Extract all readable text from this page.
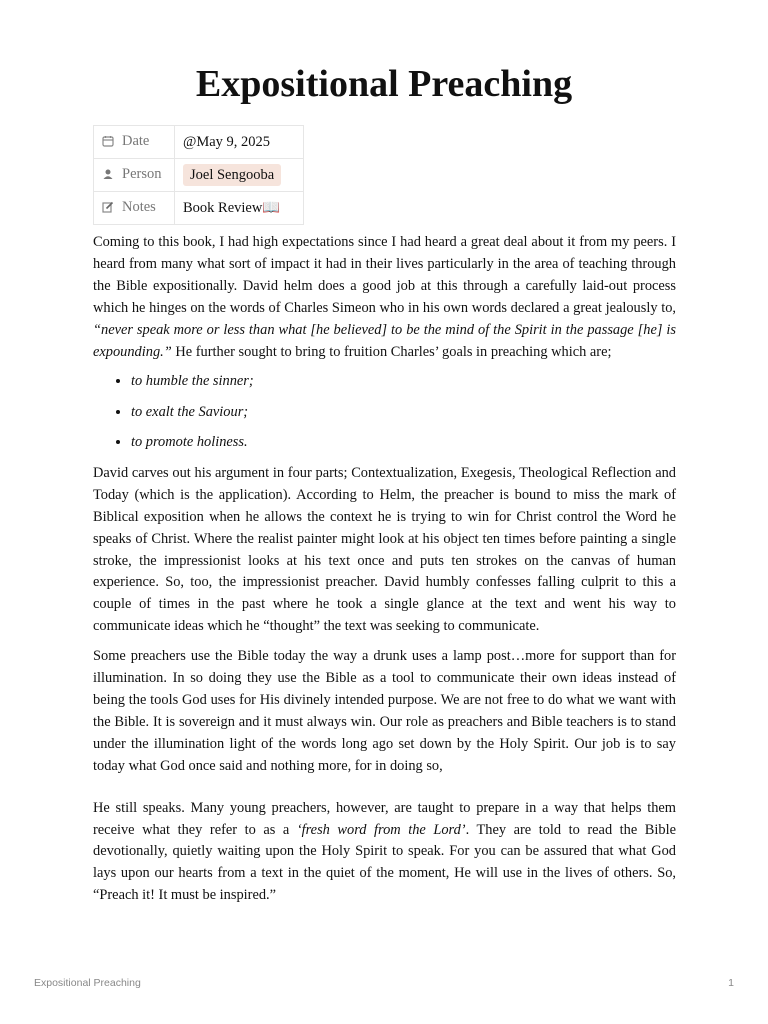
Expositional Preaching
Date	@May 9, 2025
Person	Joel Sengooba
Notes	Book Review📖

Coming to this book, I had high expectations since I had heard a great deal about it from my peers. I heard from many what sort of impact it had in their lives particularly in the area of teaching through the Bible expositionally. David helm does a good job at this through a carefully laid-out process which he hinges on the words of Charles Simeon who in his own words declared a great jealously to, “never speak more or less than what [he believed] to be the mind of the Spirit in the passage [he] is expounding.” He further sought to bring to fruition Charles’ goals in preaching which are;

• to humble the sinner;
• to exalt the Saviour;
• to promote holiness.

David carves out his argument in four parts; Contextualization, Exegesis, Theological Reflection and Today (which is the application). According to Helm, the preacher is bound to miss the mark of Biblical exposition when he allows the context he is trying to win for Christ control the Word he speaks of Christ. Where the realist painter might look at his object ten times before painting a single stroke, the impressionist looks at his text once and puts ten strokes on the canvas of human experience. So, too, the impressionist preacher. David humbly confesses falling culprit to this a couple of times in the past where he took a single glance at the text and went his way to communicate ideas which he “thought” the text was seeking to communicate.

Some preachers use the Bible today the way a drunk uses a lamp post…more for support than for illumination. In so doing they use the Bible as a tool to communicate their own ideas instead of being the tools God uses for His divinely intended purpose. We are not free to do what we want with the Bible. It is sovereign and it must always win. Our role as preachers and Bible teachers is to stand under the illumination light of the words long ago set down by the Holy Spirit. Our job is to say today what God once said and nothing more, for in doing so,

He still speaks. Many young preachers, however, are taught to prepare in a way that helps them receive what they refer to as a ‘fresh word from the Lord’. They are told to read the Bible devotionally, quietly waiting upon the Holy Spirit to speak. For you can be assured that what God lays upon our hearts from a text in the quiet of the moment, He will use in the lives of others. So, “Preach it! It must be inspired.”

Expositional Preaching	1
